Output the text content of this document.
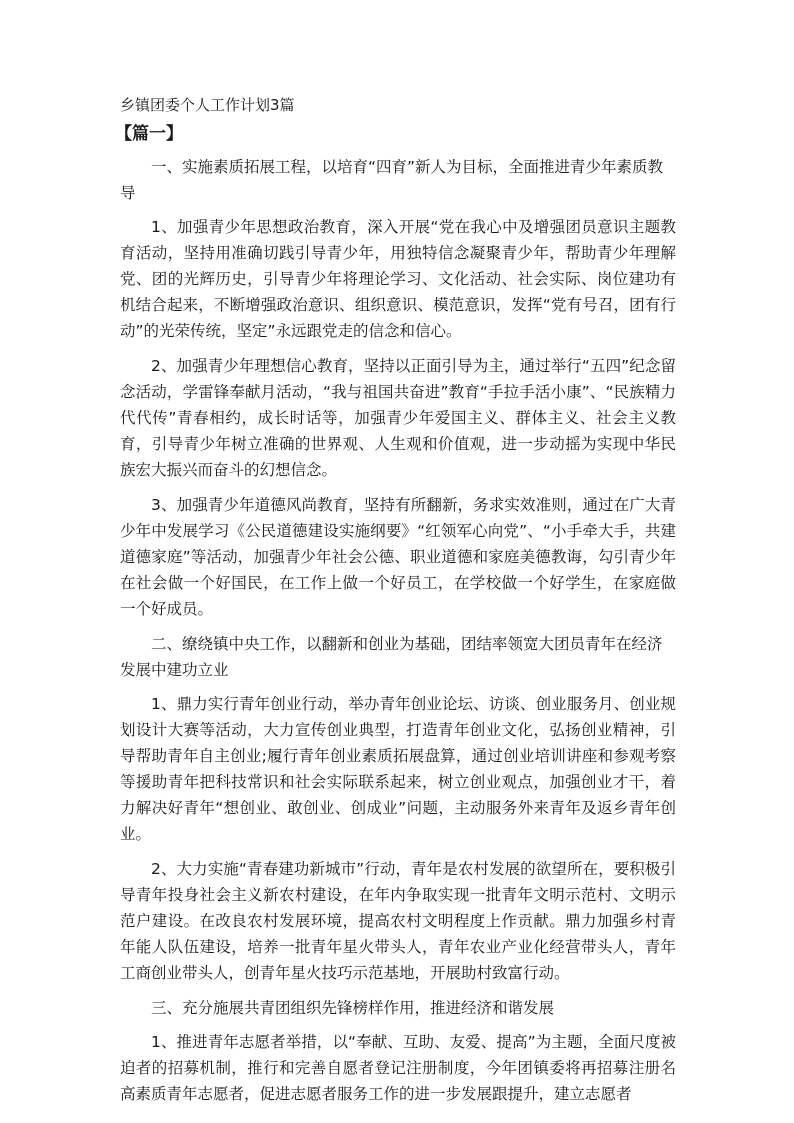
乡镇团委个人工作计划3篇
【篇一】

一、实施素质拓展工程，以培育“四育”新人为目标，全面推进青少年素质教导

1、加强青少年思想政治教育，深入开展“党在我心中及增强团员意识主题教育活动，坚持用准确切践引导青少年，用独特信念凝聚青少年，帮助青少年理解党、团的光辉历史，引导青少年将理论学习、文化活动、社会实际、岗位建功有机结合起来，不断增强政治意识、组织意识、模范意识，发挥“党有号召，团有行动”的光荣传统，坚定”永远跟党走的信念和信心。

2、加强青少年理想信心教育，坚持以正面引导为主，通过举行“五四”纪念留念活动，学雷锋奉献月活动，“我与祖国共奋进”教育“手拉手活小康”、“民族精力代代传”青春相约，成长时话等，加强青少年爱国主义、群体主义、社会主义教育，引导青少年树立准确的世界观、人生观和价值观，进一步动摇为实现中华民族宏大振兴而奋斗的幻想信念。

3、加强青少年道德风尚教育，坚持有所翻新，务求实效准则，通过在广大青少年中发展学习《公民道德建设实施纲要》“红领军心向党”、“小手牵大手，共建道德家庭”等活动，加强青少年社会公德、职业道德和家庭美德教诲，勾引青少年在社会做一个好国民，在工作上做一个好员工，在学校做一个好学生，在家庭做一个好成员。

二、缭绕镇中央工作，以翻新和创业为基础，团结率领宽大团员青年在经济发展中建功立业

1、鼎力实行青年创业行动，举办青年创业论坛、访谈、创业服务月、创业规划设计大赛等活动，大力宣传创业典型，打造青年创业文化，弘扬创业精神，引导帮助青年自主创业;履行青年创业素质拓展盘算，通过创业培训讲座和参观考察等援助青年把科技常识和社会实际联系起来，树立创业观点，加强创业才干，着力解决好青年“想创业、敢创业、创成业”问题，主动服务外来青年及返乡青年创业。

2、大力实施“青春建功新城市”行动，青年是农村发展的欲望所在，要积极引导青年投身社会主义新农村建设，在年内争取实现一批青年文明示范村、文明示范户建设。在改良农村发展环境，提高农村文明程度上作贡献。鼎力加强乡村青年能人队伍建设，培养一批青年星火带头人，青年农业产业化经营带头人，青年工商创业带头人，创青年星火技巧示范基地，开展助村致富行动。

三、充分施展共青团组织先锋榜样作用，推进经济和谐发展

1、推进青年志愿者举措，以“奉献、互助、友爱、提高”为主题，全面尺度被迫者的招募机制，推行和完善自愿者登记注册制度，今年团镇委将再招募注册名高素质青年志愿者，促进志愿者服务工作的进一步发展跟提升，建立志愿者
